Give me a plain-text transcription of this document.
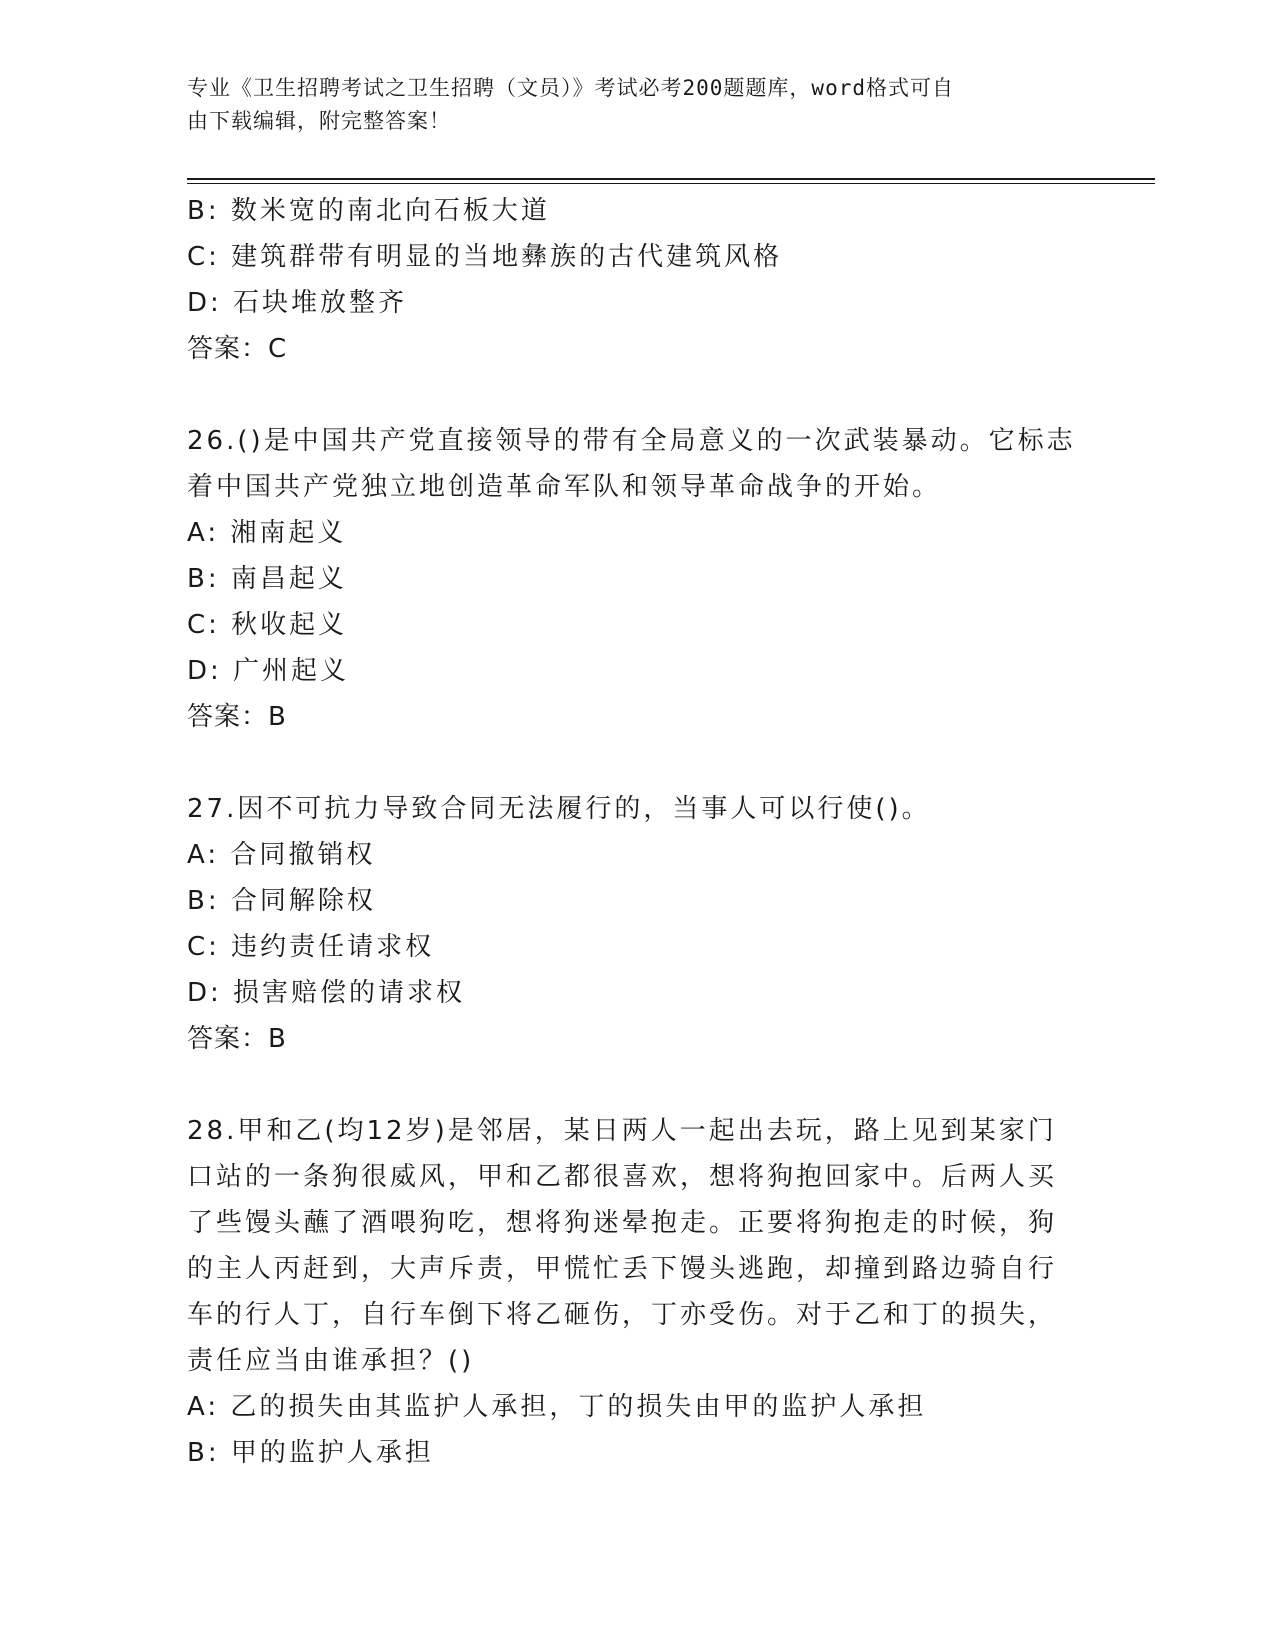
专业《卫生招聘考试之卫生招聘（文员）》考试必考200题题库，word格式可自
由下载编辑，附完整答案！
B: 数米宽的南北向石板大道
C: 建筑群带有明显的当地彝族的古代建筑风格
D: 石块堆放整齐
答案：C
26.()是中国共产党直接领导的带有全局意义的一次武装暴动。它标志
着中国共产党独立地创造革命军队和领导革命战争的开始。
A: 湘南起义
B: 南昌起义
C: 秋收起义
D: 广州起义
答案：B
27.因不可抗力导致合同无法履行的，当事人可以行使()。
A: 合同撤销权
B: 合同解除权
C: 违约责任请求权
D: 损害赔偿的请求权
答案：B
28.甲和乙(均12岁)是邻居，某日两人一起出去玩，路上见到某家门
口站的一条狗很威风，甲和乙都很喜欢，想将狗抱回家中。后两人买
了些馒头蘸了酒喂狗吃，想将狗迷晕抱走。正要将狗抱走的时候，狗
的主人丙赶到，大声斥责，甲慌忙丢下馒头逃跑，却撞到路边骑自行
车的行人丁，自行车倒下将乙砸伤，丁亦受伤。对于乙和丁的损失，
责任应当由谁承担？()
A: 乙的损失由其监护人承担，丁的损失由甲的监护人承担
B: 甲的监护人承担
